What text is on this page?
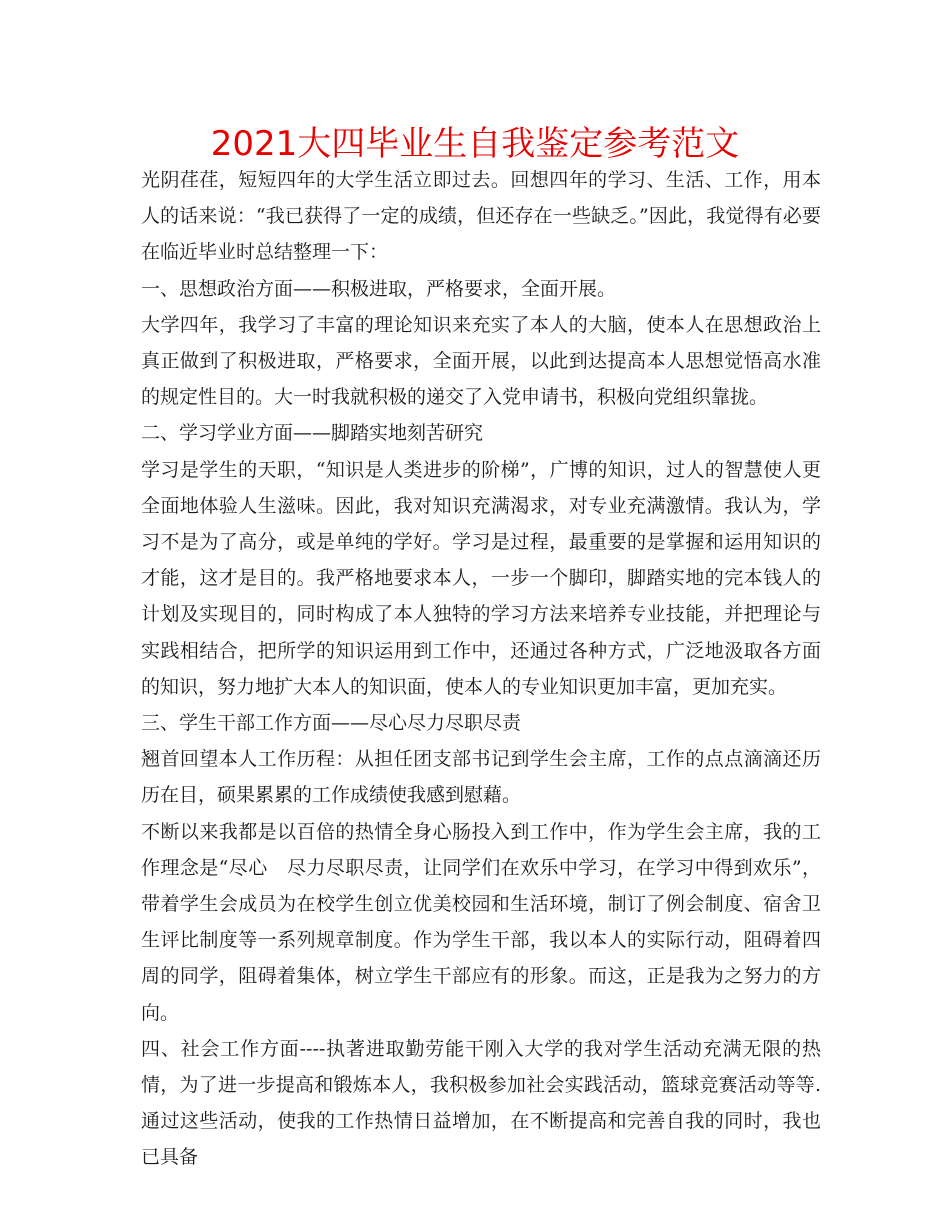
2021大四毕业生自我鉴定参考范文

光阴荏荏，短短四年的大学生活立即过去。回想四年的学习、生活、工作，用本人的话来说：“我已获得了一定的成绩，但还存在一些缺乏。”因此，我觉得有必要在临近毕业时总结整理一下：

一、思想政治方面——积极进取，严格要求，全面开展。

大学四年，我学习了丰富的理论知识来充实了本人的大脑，使本人在思想政治上真正做到了积极进取，严格要求，全面开展，以此到达提高本人思想觉悟高水准的规定性目的。大一时我就积极的递交了入党申请书，积极向党组织靠拢。

二、学习学业方面——脚踏实地刻苦研究

学习是学生的天职，“知识是人类进步的阶梯”，广博的知识，过人的智慧使人更全面地体验人生滋味。因此，我对知识充满渴求，对专业充满激情。我认为，学习不是为了高分，或是单纯的学好。学习是过程，最重要的是掌握和运用知识的才能，这才是目的。我严格地要求本人，一步一个脚印，脚踏实地的完本钱人的计划及实现目的，同时构成了本人独特的学习方法来培养专业技能，并把理论与实践相结合，把所学的知识运用到工作中，还通过各种方式，广泛地汲取各方面的知识，努力地扩大本人的知识面，使本人的专业知识更加丰富，更加充实。

三、学生干部工作方面——尽心尽力尽职尽责

翘首回望本人工作历程：从担任团支部书记到学生会主席，工作的点点滴滴还历历在目，硕果累累的工作成绩使我感到慰藉。

不断以来我都是以百倍的热情全身心肠投入到工作中，作为学生会主席，我的工作理念是“尽心　尽力尽职尽责，让同学们在欢乐中学习，在学习中得到欢乐”，带着学生会成员为在校学生创立优美校园和生活环境，制订了例会制度、宿舍卫生评比制度等一系列规章制度。作为学生干部，我以本人的实际行动，阻碍着四周的同学，阻碍着集体，树立学生干部应有的形象。而这，正是我为之努力的方向。

四、社会工作方面----执著进取勤劳能干刚入大学的我对学生活动充满无限的热情，为了进一步提高和锻炼本人，我积极参加社会实践活动，篮球竞赛活动等等. 通过这些活动，使我的工作热情日益增加，在不断提高和完善自我的同时，我也已具备
